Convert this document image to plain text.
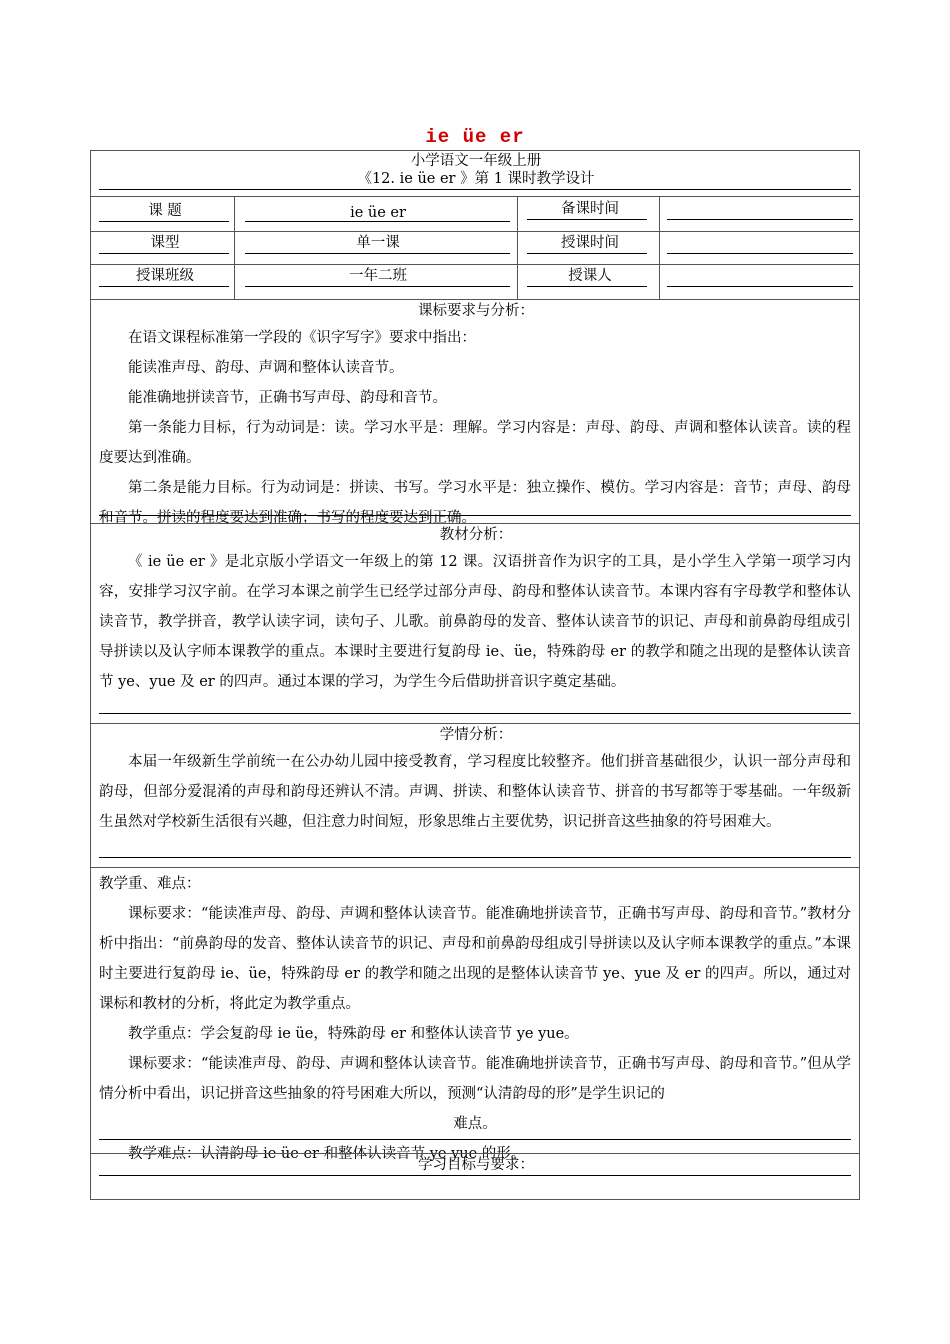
ie üe er
小学语文一年级上册
《12. ie üe er 》第 1 课时教学设计
课 题	ie üe er	备课时间
课型	单一课	授课时间
授课班级	一年二班	授课人
课标要求与分析：

在语文课程标准第一学段的《识字写字》要求中指出：

能读准声母、韵母、声调和整体认读音节。

能准确地拼读音节，正确书写声母、韵母和音节。

第一条能力目标，行为动词是：读。学习水平是：理解。学习内容是：声母、韵母、声调和整体认读音。读的程度要达到准确。

第二条是能力目标。行为动词是：拼读、书写。学习水平是：独立操作、模仿。学习内容是：音节；声母、韵母和音节。拼读的程度要达到准确；书写的程度要达到正确。

教材分析：

《 ie üe er 》是北京版小学语文一年级上的第 12 课。汉语拼音作为识字的工具，是小学生入学第一项学习内容，安排学习汉字前。在学习本课之前学生已经学过部分声母、韵母和整体认读音节。本课内容有字母教学和整体认读音节，教学拼音，教学认读字词，读句子、儿歌。前鼻韵母的发音、整体认读音节的识记、声母和前鼻韵母组成引导拼读以及认字师本课教学的重点。本课时主要进行复韵母 ie、üe，特殊韵母 er 的教学和随之出现的是整体认读音节 ye、yue 及 er 的四声。通过本课的学习，为学生今后借助拼音识字奠定基础。

学情分析：

本届一年级新生学前统一在公办幼儿园中接受教育，学习程度比较整齐。他们拼音基础很少，认识一部分声母和韵母，但部分爱混淆的声母和韵母还辨认不清。声调、拼读、和整体认读音节、拼音的书写都等于零基础。一年级新生虽然对学校新生活很有兴趣，但注意力时间短，形象思维占主要优势，识记拼音这些抽象的符号困难大。

教学重、难点：

课标要求：“能读准声母、韵母、声调和整体认读音节。能准确地拼读音节，正确书写声母、韵母和音节。”教材分析中指出：“前鼻韵母的发音、整体认读音节的识记、声母和前鼻韵母组成引导拼读以及认字师本课教学的重点。”本课时主要进行复韵母 ie、üe，特殊韵母 er 的教学和随之出现的是整体认读音节 ye、yue 及 er 的四声。所以，通过对课标和教材的分析，将此定为教学重点。

教学重点：学会复韵母 ie üe，特殊韵母 er 和整体认读音节 ye yue。

课标要求：“能读准声母、韵母、声调和整体认读音节。能准确地拼读音节，正确书写声母、韵母和音节。”但从学情分析中看出，识记拼音这些抽象的符号困难大所以，预测“认清韵母的形”是学生识记的

难点。

教学难点：认清韵母 ie üe er 和整体认读音节 ye yue 的形。

学习目标与要求：
